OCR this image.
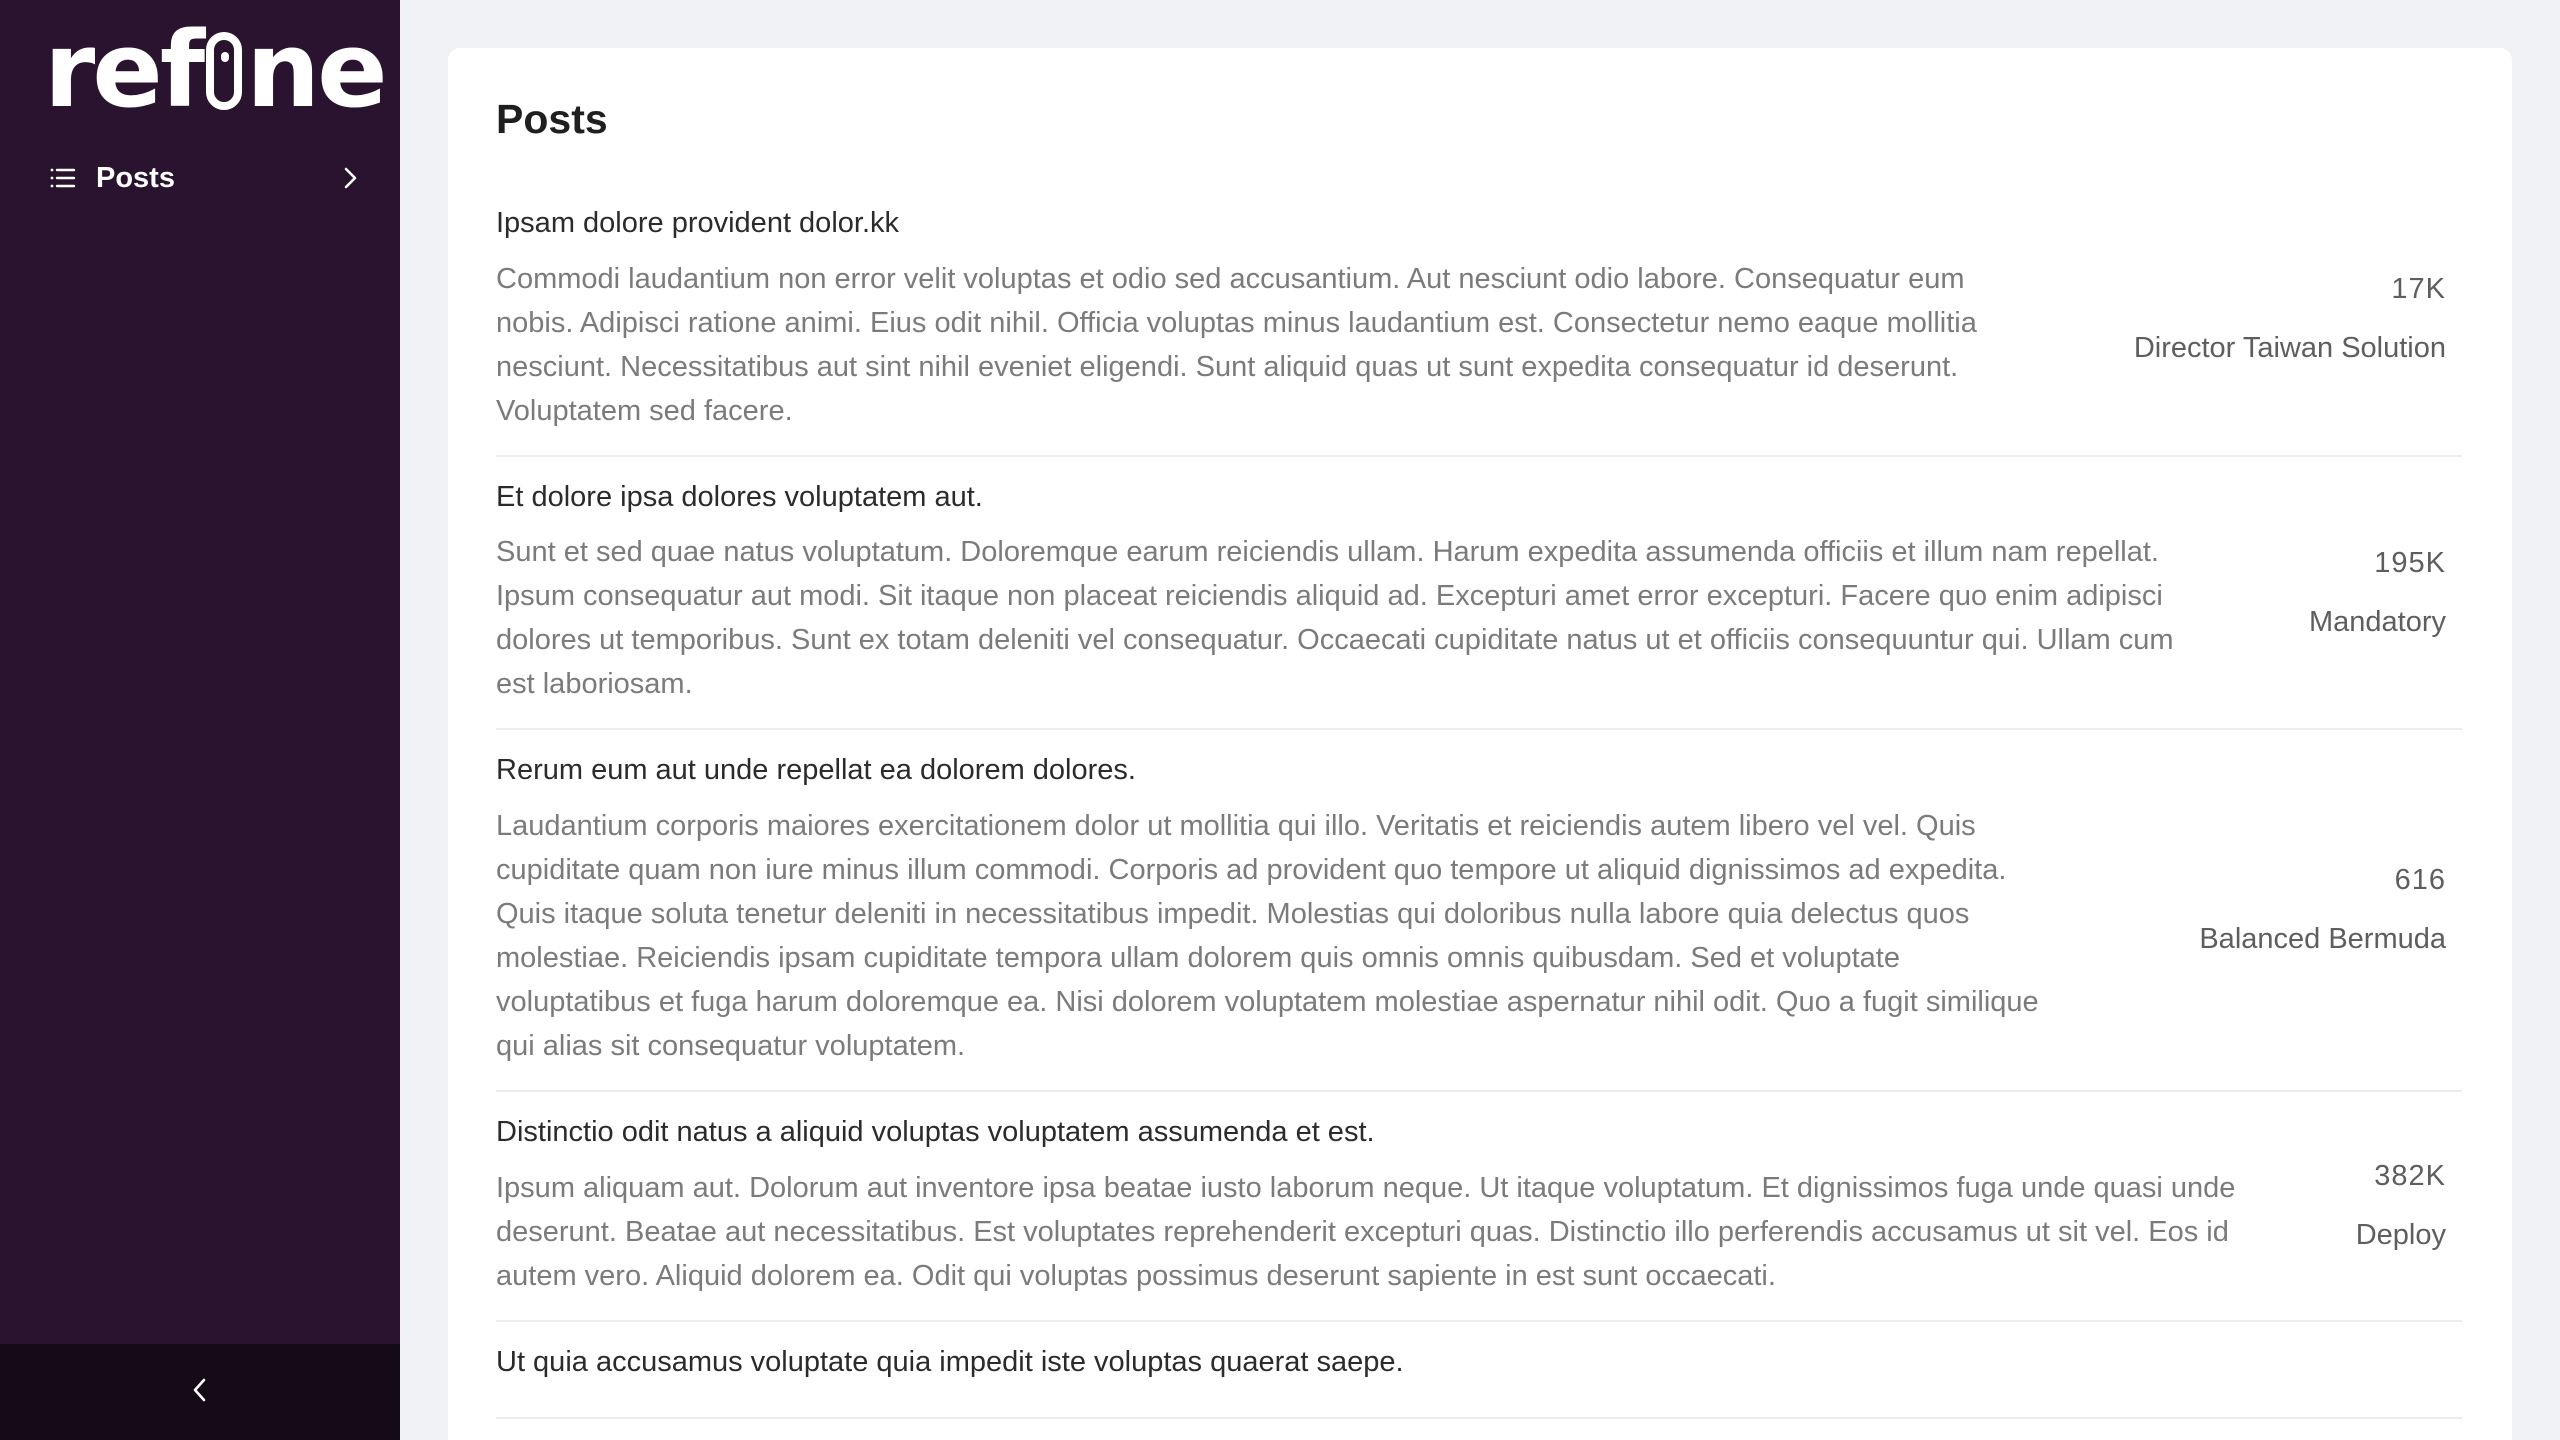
ref ne
Posts
Posts
Ipsam dolore provident dolor.kk
Commodi laudantium non error velit voluptas et odio sed accusantium. Aut nesciunt odio labore. Consequatur eum nobis. Adipisci ratione animi. Eius odit nihil. Officia voluptas minus laudantium est. Consectetur nemo eaque mollitia nesciunt. Necessitatibus aut sint nihil eveniet eligendi. Sunt aliquid quas ut sunt expedita consequatur id deserunt. Voluptatem sed facere.
17K
Director Taiwan Solution
Et dolore ipsa dolores voluptatem aut.
Sunt et sed quae natus voluptatum. Doloremque earum reiciendis ullam. Harum expedita assumenda officiis et illum nam repellat. Ipsum consequatur aut modi. Sit itaque non placeat reiciendis aliquid ad. Excepturi amet error excepturi. Facere quo enim adipisci dolores ut temporibus. Sunt ex totam deleniti vel consequatur. Occaecati cupiditate natus ut et officiis consequuntur qui. Ullam cum est laboriosam.
195K
Mandatory
Rerum eum aut unde repellat ea dolorem dolores.
Laudantium corporis maiores exercitationem dolor ut mollitia qui illo. Veritatis et reiciendis autem libero vel vel. Quis cupiditate quam non iure minus illum commodi. Corporis ad provident quo tempore ut aliquid dignissimos ad expedita. Quis itaque soluta tenetur deleniti in necessitatibus impedit. Molestias qui doloribus nulla labore quia delectus quos molestiae. Reiciendis ipsam cupiditate tempora ullam dolorem quis omnis omnis quibusdam. Sed et voluptate voluptatibus et fuga harum doloremque ea. Nisi dolorem voluptatem molestiae aspernatur nihil odit. Quo a fugit similique qui alias sit consequatur voluptatem.
616
Balanced Bermuda
Distinctio odit natus a aliquid voluptas voluptatem assumenda et est.
Ipsum aliquam aut. Dolorum aut inventore ipsa beatae iusto laborum neque. Ut itaque voluptatum. Et dignissimos fuga unde quasi unde deserunt. Beatae aut necessitatibus. Est voluptates reprehenderit excepturi quas. Distinctio illo perferendis accusamus ut sit vel. Eos id autem vero. Aliquid dolorem ea. Odit qui voluptas possimus deserunt sapiente in est sunt occaecati.
382K
Deploy
Ut quia accusamus voluptate quia impedit iste voluptas quaerat saepe.
